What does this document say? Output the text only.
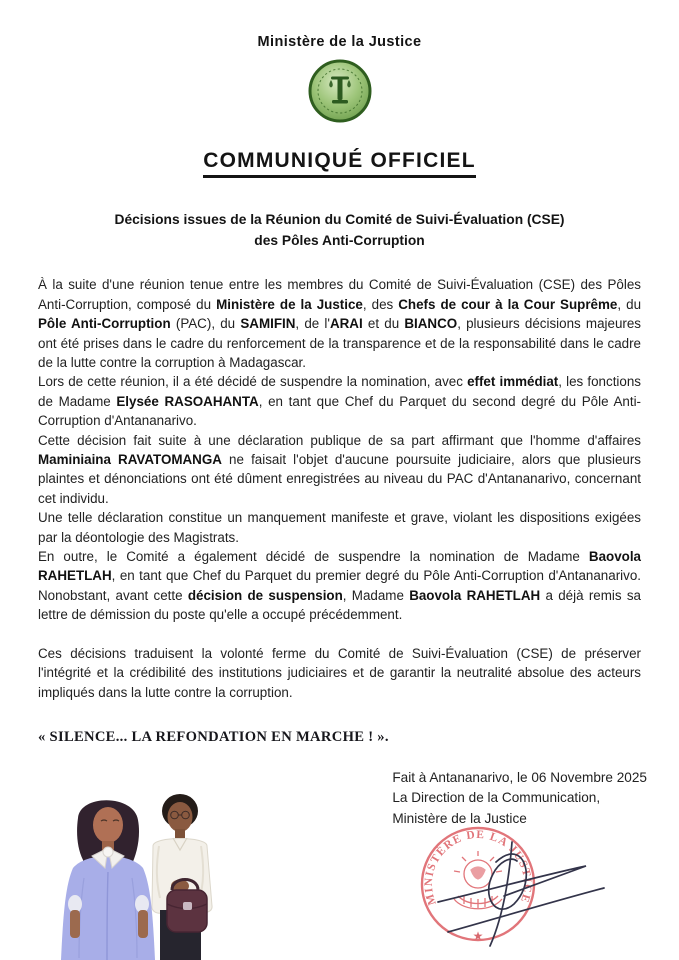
Ministère de la Justice
COMMUNIQUÉ OFFICIEL
Décisions issues de la Réunion du Comité de Suivi-Évaluation (CSE)
des Pôles Anti-Corruption

À la suite d'une réunion tenue entre les membres du Comité de Suivi-Évaluation (CSE) des Pôles Anti-Corruption, composé du Ministère de la Justice, des Chefs de cour à la Cour Suprême, du Pôle Anti-Corruption (PAC), du SAMIFIN, de l'ARAI et du BIANCO, plusieurs décisions majeures ont été prises dans le cadre du renforcement de la transparence et de la responsabilité dans le cadre de la lutte contre la corruption à Madagascar.

Lors de cette réunion, il a été décidé de suspendre la nomination, avec effet immédiat, les fonctions de Madame Elysée RASOAHANTA, en tant que Chef du Parquet du second degré du Pôle Anti-Corruption d'Antananarivo.

Cette décision fait suite à une déclaration publique de sa part affirmant que l'homme d'affaires Maminiaina RAVATOMANGA ne faisait l'objet d'aucune poursuite judiciaire, alors que plusieurs plaintes et dénonciations ont été dûment enregistrées au niveau du PAC d'Antananarivo, concernant cet individu.

Une telle déclaration constitue un manquement manifeste et grave, violant les dispositions exigées par la déontologie des Magistrats.

En outre, le Comité a également décidé de suspendre la nomination de Madame Baovola RAHETLAH, en tant que Chef du Parquet du premier degré du Pôle Anti-Corruption d'Antananarivo. Nonobstant, avant cette décision de suspension, Madame Baovola RAHETLAH a déjà remis sa lettre de démission du poste qu'elle a occupé précédemment.

Ces décisions traduisent la volonté ferme du Comité de Suivi-Évaluation (CSE) de préserver l'intégrité et la crédibilité des institutions judiciaires et de garantir la neutralité absolue des acteurs impliqués dans la lutte contre la corruption.

« SILENCE... LA REFONDATION EN MARCHE ! ».
Fait à Antananarivo, le 06 Novembre 2025
La Direction de la Communication,
Ministère de la Justice
MINISTÈRE DE LA JUSTICE
★
